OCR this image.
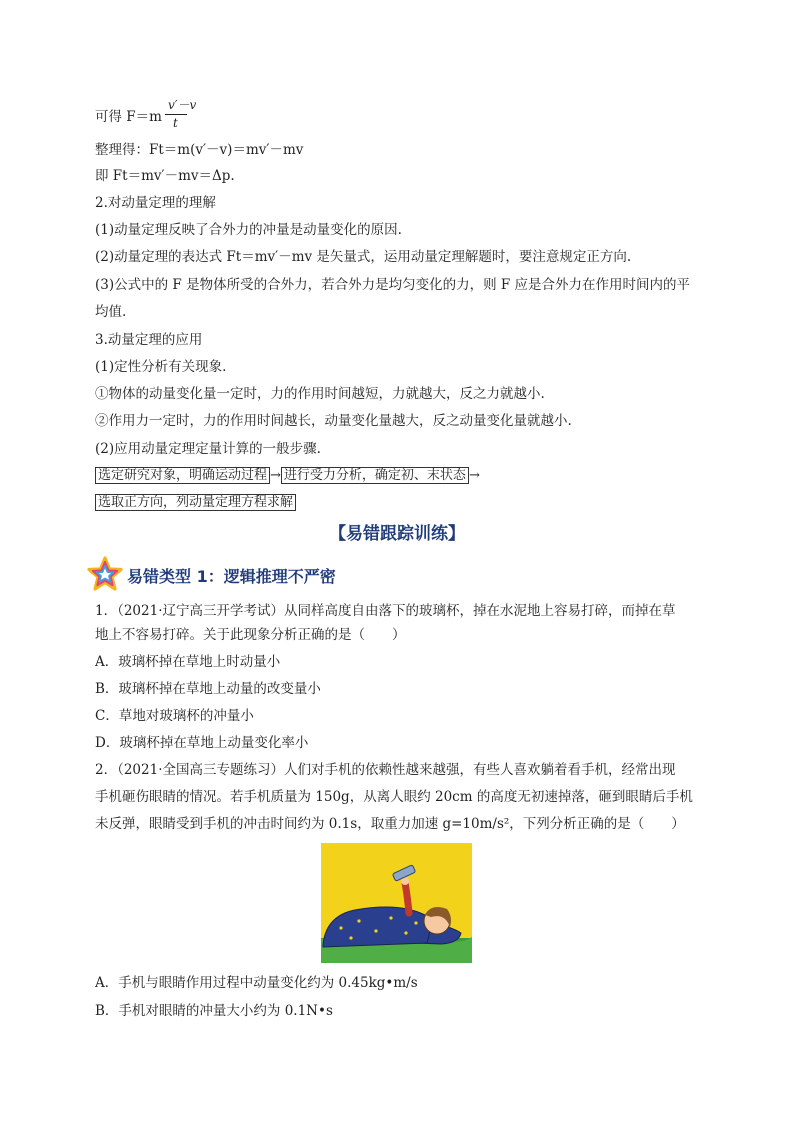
可得 F＝m
v′－v
t
整理得：Ft＝m(v′－v)＝mv′－mv
即 Ft＝mv′－mv＝Δp.
2.对动量定理的理解
(1)动量定理反映了合外力的冲量是动量变化的原因.
(2)动量定理的表达式 Ft＝mv′－mv 是矢量式，运用动量定理解题时，要注意规定正方向.
(3)公式中的 F 是物体所受的合外力，若合外力是均匀变化的力，则 F 应是合外力在作用时间内的平
均值.
3.动量定理的应用
(1)定性分析有关现象.
①物体的动量变化量一定时，力的作用时间越短，力就越大，反之力就越小.
②作用力一定时，力的作用时间越长，动量变化量越大，反之动量变化量就越小.
(2)应用动量定理定量计算的一般步骤.
选定研究对象，明确运动过程 → 进行受力分析，确定初、末状态 →
选取正方向，列动量定理方程求解
【易错跟踪训练】
易错类型 1：逻辑推理不严密
1．（2021·辽宁高三开学考试）从同样高度自由落下的玻璃杯，掉在水泥地上容易打碎，而掉在草
地上不容易打碎。关于此现象分析正确的是（　　）
A．玻璃杯掉在草地上时动量小
B．玻璃杯掉在草地上动量的改变量小
C．草地对玻璃杯的冲量小
D．玻璃杯掉在草地上动量变化率小
2．（2021·全国高三专题练习）人们对手机的依赖性越来越强，有些人喜欢躺着看手机，经常出现
手机砸伤眼睛的情况。若手机质量为 150g，从离人眼约 20cm 的高度无初速掉落，砸到眼睛后手机
未反弹，眼睛受到手机的冲击时间约为 0.1s，取重力加速 g=10m/s²，下列分析正确的是（　　）
A．手机与眼睛作用过程中动量变化约为 0.45kg•m/s
B．手机对眼睛的冲量大小约为 0.1N•s
